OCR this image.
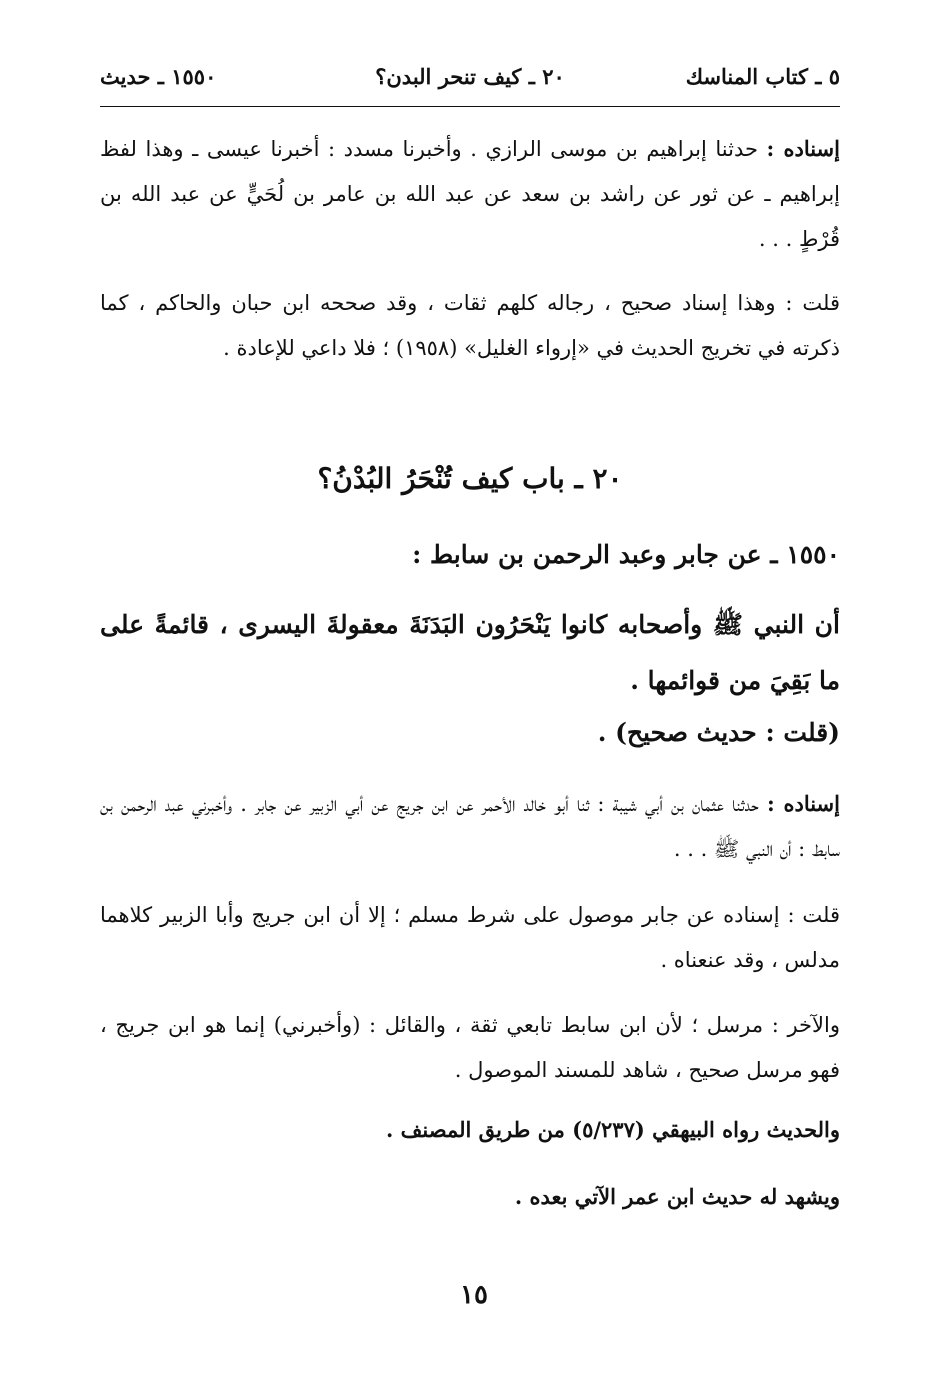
٥ ـ كتاب المناسك
٢٠ ـ كيف تنحر البدن؟
١٥٥٠ ـ حديث

إسناده : حدثنا إبراهيم بن موسى الرازي . وأخبرنا مسدد : أخبرنا عيسى ـ وهذا لفظ إبراهيم ـ عن ثور عن راشد بن سعد عن عبد الله بن عامر بن لُحَيٍّ عن عبد الله بن قُرْطٍ . . .

قلت : وهذا إسناد صحيح ، رجاله كلهم ثقات ، وقد صححه ابن حبان والحاكم ، كما ذكرته في تخريج الحديث في «إرواء الغليل» (١٩٥٨) ؛ فلا داعي للإعادة .

٢٠ ـ باب كيف تُنْحَرُ البُدْنُ؟
١٥٥٠ ـ عن جابر وعبد الرحمن بن سابط :

أن النبي ﷺ وأصحابه كانوا يَنْحَرُون البَدَنَةَ معقولةَ اليسرى ، قائمةً على ما بَقِيَ من قوائمها .

(قلت : حديث صحيح) .

إسناده : حدثنا عثمان بن أبي شيبة : ثنا أبو خالد الأحمر عن ابن جريج عن أبي الزبير عن جابر . وأخبرني عبد الرحمن بن سابط : أن النبي ﷺ . . .

قلت : إسناده عن جابر موصول على شرط مسلم ؛ إلا أن ابن جريج وأبا الزبير كلاهما مدلس ، وقد عنعناه .

والآخر : مرسل ؛ لأن ابن سابط تابعي ثقة ، والقائل : (وأخبرني) إنما هو ابن جريج ، فهو مرسل صحيح ، شاهد للمسند الموصول .

والحديث رواه البيهقي (٥/٢٣٧) من طريق المصنف .
ويشهد له حديث ابن عمر الآتي بعده .
١٥
